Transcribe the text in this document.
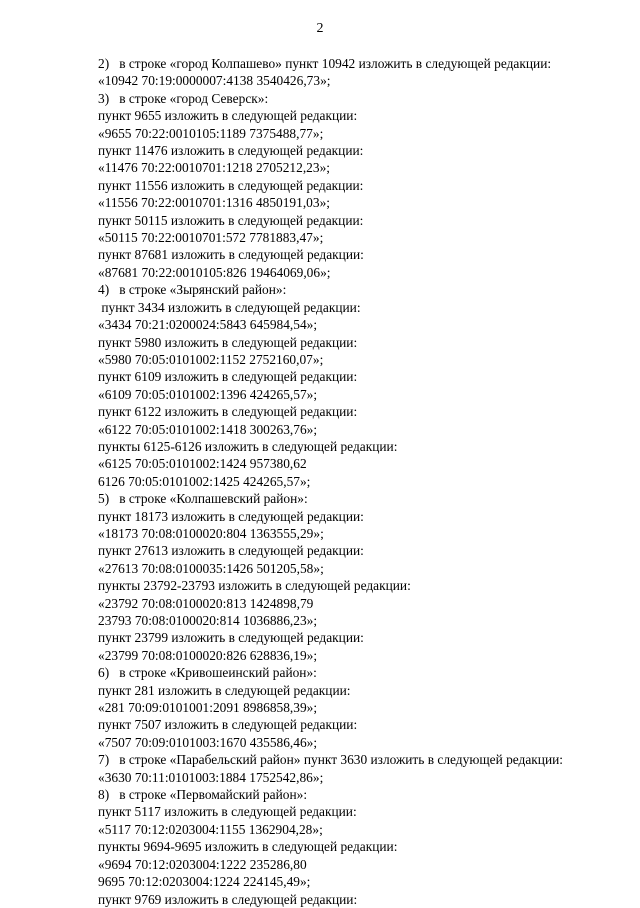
2
2)   в строке «город Колпашево» пункт 10942 изложить в следующей редакции:
«10942 70:19:0000007:4138 3540426,73»;
3)   в строке «город Северск»:
пункт 9655 изложить в следующей редакции:
«9655 70:22:0010105:1189 7375488,77»;
пункт 11476 изложить в следующей редакции:
«11476 70:22:0010701:1218 2705212,23»;
пункт 11556 изложить в следующей редакции:
«11556 70:22:0010701:1316 4850191,03»;
пункт 50115 изложить в следующей редакции:
«50115 70:22:0010701:572 7781883,47»;
пункт 87681 изложить в следующей редакции:
«87681 70:22:0010105:826 19464069,06»;
4)   в строке «Зырянский район»:
пункт 3434 изложить в следующей редакции:
«3434 70:21:0200024:5843 645984,54»;
пункт 5980 изложить в следующей редакции:
«5980 70:05:0101002:1152 2752160,07»;
пункт 6109 изложить в следующей редакции:
«6109 70:05:0101002:1396 424265,57»;
пункт 6122 изложить в следующей редакции:
«6122 70:05:0101002:1418 300263,76»;
пункты 6125-6126 изложить в следующей редакции:
«6125 70:05:0101002:1424 957380,62
6126 70:05:0101002:1425 424265,57»;
5)   в строке «Колпашевский район»:
пункт 18173 изложить в следующей редакции:
«18173 70:08:0100020:804 1363555,29»;
пункт 27613 изложить в следующей редакции:
«27613 70:08:0100035:1426 501205,58»;
пункты 23792-23793 изложить в следующей редакции:
«23792 70:08:0100020:813 1424898,79
23793 70:08:0100020:814 1036886,23»;
пункт 23799 изложить в следующей редакции:
«23799 70:08:0100020:826 628836,19»;
6)   в строке «Кривошеинский район»:
пункт 281 изложить в следующей редакции:
«281 70:09:0101001:2091 8986858,39»;
пункт 7507 изложить в следующей редакции:
«7507 70:09:0101003:1670 435586,46»;
7)   в строке «Парабельский район» пункт 3630 изложить в следующей редакции:
«3630 70:11:0101003:1884 1752542,86»;
8)   в строке «Первомайский район»:
пункт 5117 изложить в следующей редакции:
«5117 70:12:0203004:1155 1362904,28»;
пункты 9694-9695 изложить в следующей редакции:
«9694 70:12:0203004:1222 235286,80
9695 70:12:0203004:1224 224145,49»;
пункт 9769 изложить в следующей редакции:
